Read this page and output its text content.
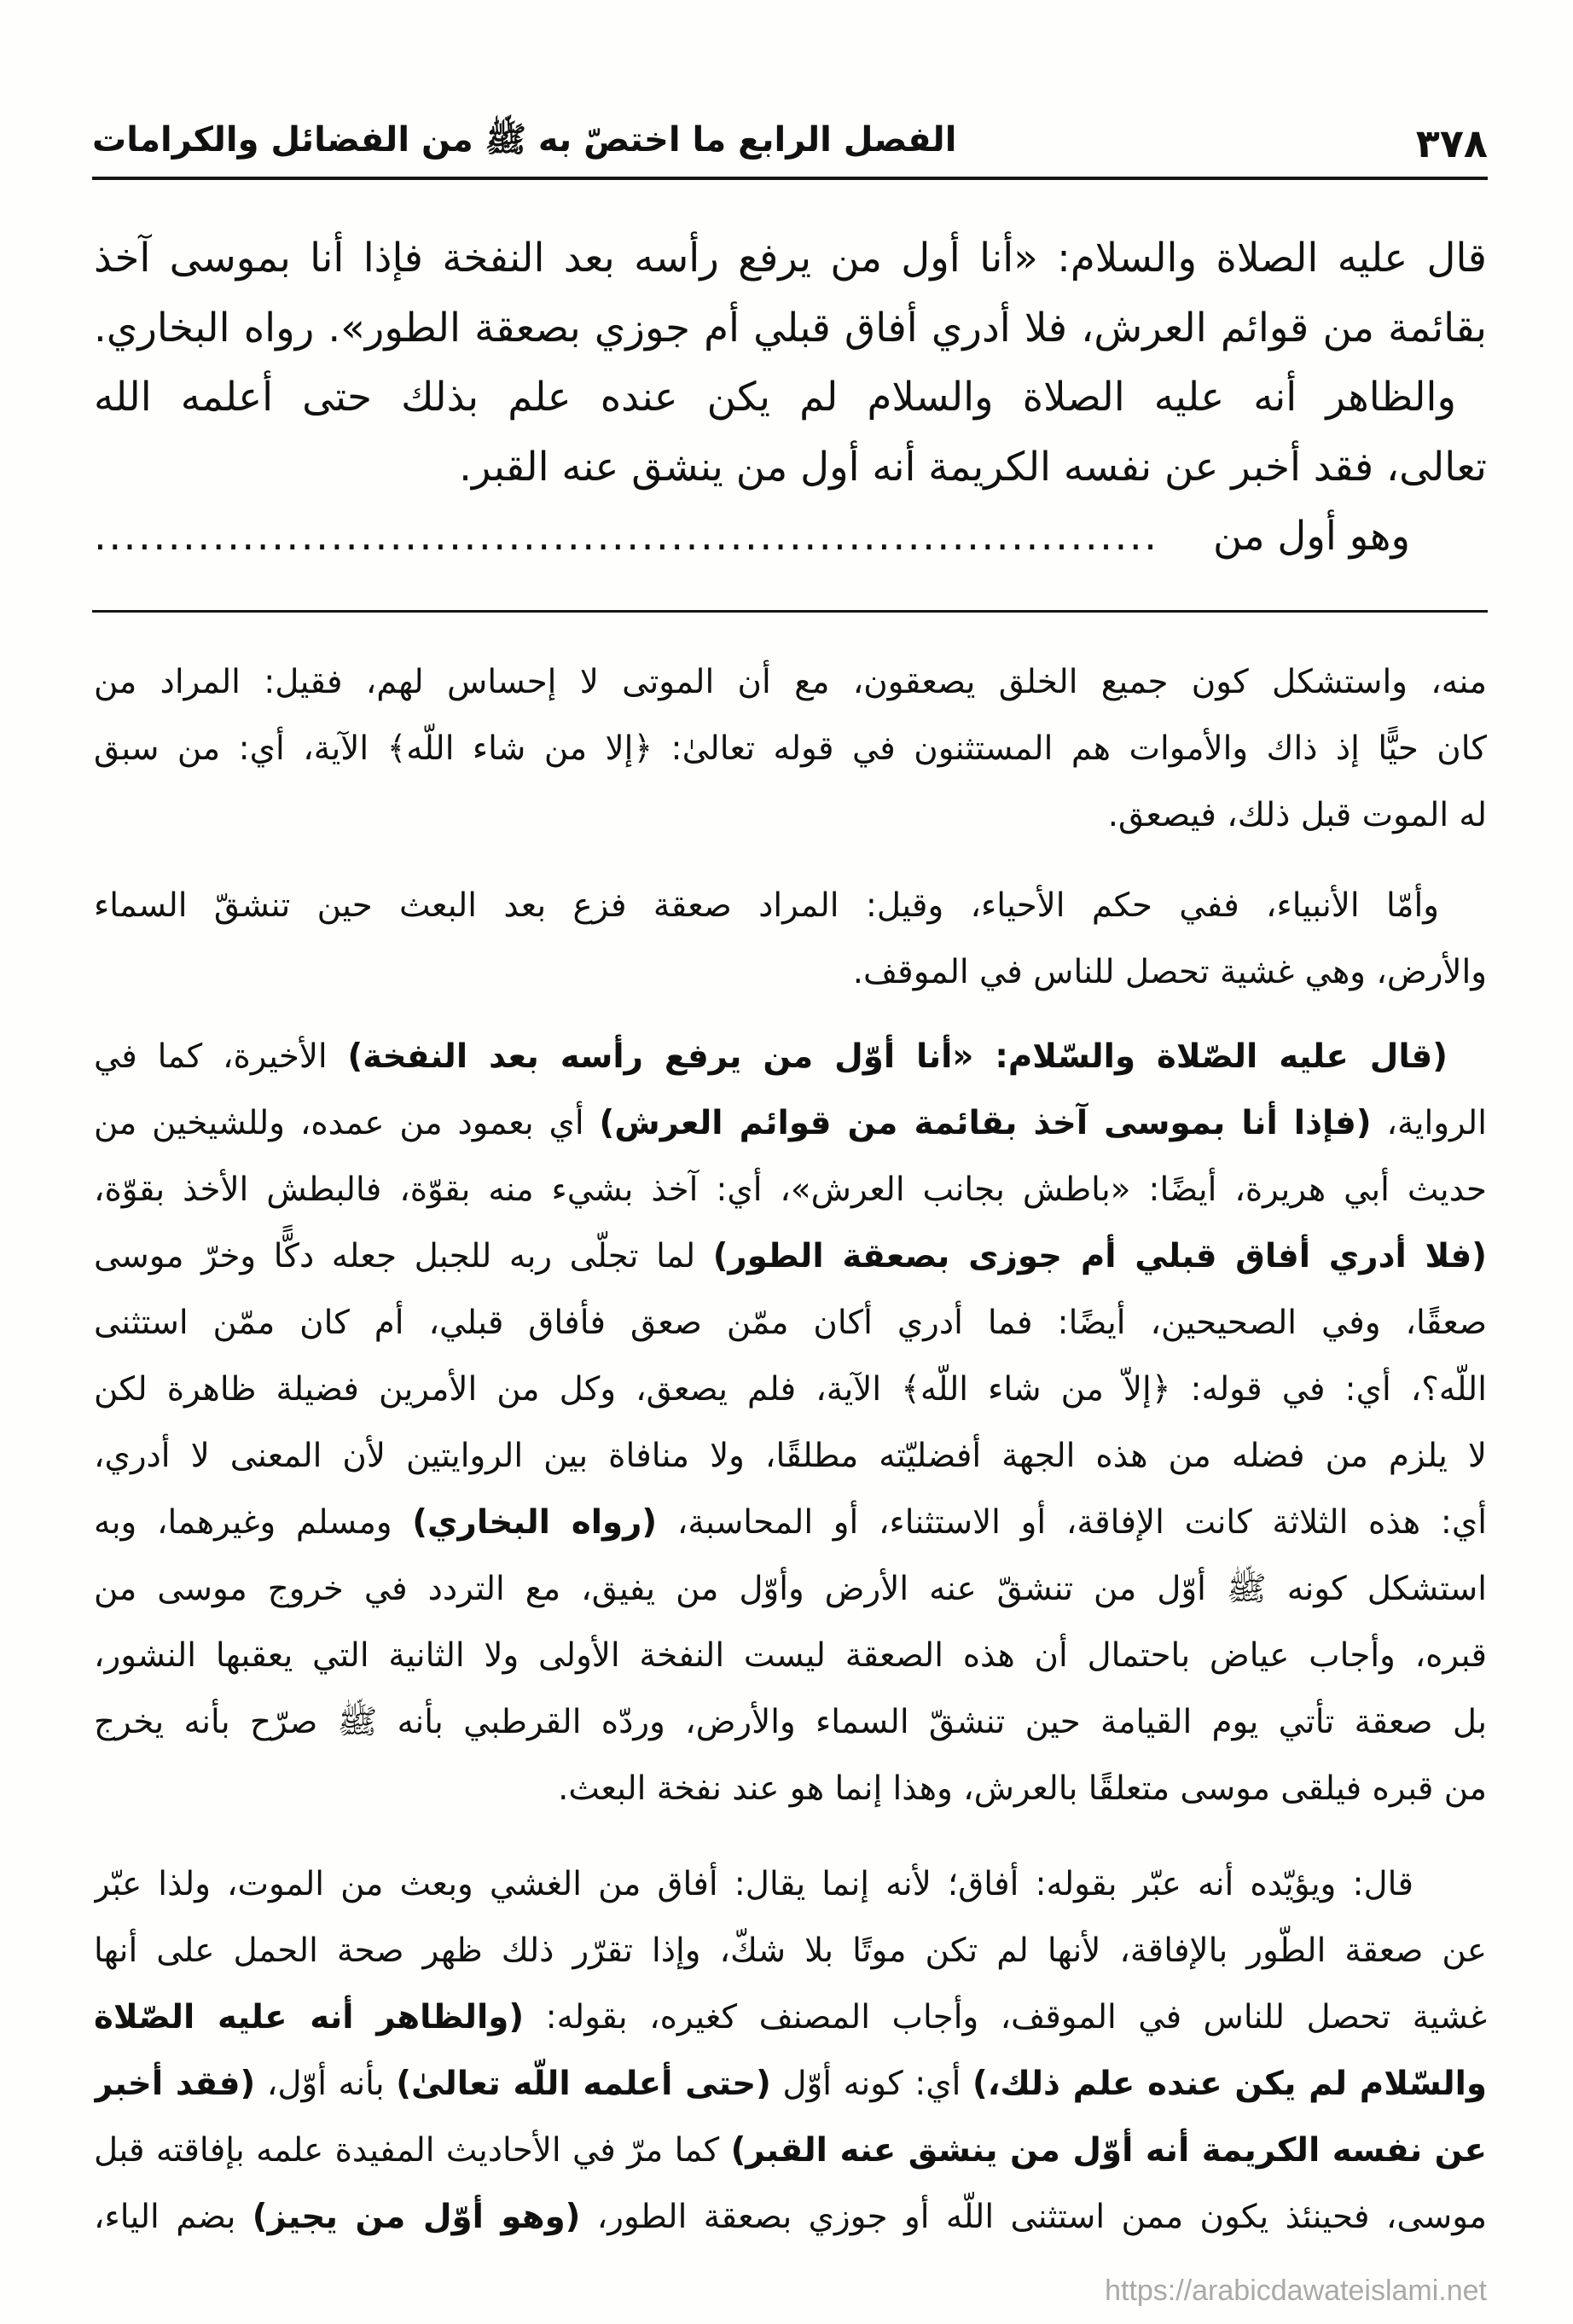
٣٧٨
الفصل الرابع ما اختصّ به ﷺ من الفضائل والكرامات
قال عليه الصلاة والسلام: «أنا أول من يرفع رأسه بعد النفخة فإذا أنا بموسى آخذ
بقائمة من قوائم العرش، فلا أدري أفاق قبلي أم جوزي بصعقة الطور». رواه البخاري.
والظاهر أنه عليه الصلاة والسلام لم يكن عنده علم بذلك حتى أعلمه الله
تعالى، فقد أخبر عن نفسه الكريمة أنه أول من ينشق عنه القبر.
وهو أول من
........................................................................
منه، واستشكل كون جميع الخلق يصعقون، مع أن الموتى لا إحساس لهم، فقيل: المراد من
كان حيًّا إذ ذاك والأموات هم المستثنون في قوله تعالىٰ: ﴿إلا من شاء اللّه﴾ الآية، أي: من سبق
له الموت قبل ذلك، فيصعق.
وأمّا الأنبياء، ففي حكم الأحياء، وقيل: المراد صعقة فزع بعد البعث حين تنشقّ السماء
والأرض، وهي غشية تحصل للناس في الموقف.
(قال عليه الصّلاة والسّلام: «أنا أوّل من يرفع رأسه بعد النفخة) الأخيرة، كما في
الرواية، (فإذا أنا بموسى آخذ بقائمة من قوائم العرش) أي بعمود من عمده، وللشيخين من
حديث أبي هريرة، أيضًا: «باطش بجانب العرش»، أي: آخذ بشيء منه بقوّة، فالبطش الأخذ بقوّة،
(فلا أدري أفاق قبلي أم جوزى بصعقة الطور) لما تجلّى ربه للجبل جعله دكًّا وخرّ موسى
صعقًا، وفي الصحيحين، أيضًا: فما أدري أكان ممّن صعق فأفاق قبلي، أم كان ممّن استثنى
اللّه؟، أي: في قوله: ﴿إلاّ من شاء اللّه﴾ الآية، فلم يصعق، وكل من الأمرين فضيلة ظاهرة لكن
لا يلزم من فضله من هذه الجهة أفضليّته مطلقًا، ولا منافاة بين الروايتين لأن المعنى لا أدري،
أي: هذه الثلاثة كانت الإفاقة، أو الاستثناء، أو المحاسبة، (رواه البخاري) ومسلم وغيرهما، وبه
استشكل كونه ﷺ أوّل من تنشقّ عنه الأرض وأوّل من يفيق، مع التردد في خروج موسى من
قبره، وأجاب عياض باحتمال أن هذه الصعقة ليست النفخة الأولى ولا الثانية التي يعقبها النشور،
بل صعقة تأتي يوم القيامة حين تنشقّ السماء والأرض، وردّه القرطبي بأنه ﷺ صرّح بأنه يخرج
من قبره فيلقى موسى متعلقًا بالعرش، وهذا إنما هو عند نفخة البعث.
قال: ويؤيّده أنه عبّر بقوله: أفاق؛ لأنه إنما يقال: أفاق من الغشي وبعث من الموت، ولذا عبّر
عن صعقة الطّور بالإفاقة، لأنها لم تكن موتًا بلا شكّ، وإذا تقرّر ذلك ظهر صحة الحمل على أنها
غشية تحصل للناس في الموقف، وأجاب المصنف كغيره، بقوله: (والظاهر أنه عليه الصّلاة
والسّلام لم يكن عنده علم ذلك،) أي: كونه أوّل (حتى أعلمه اللّه تعالىٰ) بأنه أوّل، (فقد أخبر
عن نفسه الكريمة أنه أوّل من ينشق عنه القبر) كما مرّ في الأحاديث المفيدة علمه بإفاقته قبل
موسى، فحينئذ يكون ممن استثنى اللّه أو جوزي بصعقة الطور، (وهو أوّل من يجيز) بضم الياء،
https://arabicdawateislami.net
